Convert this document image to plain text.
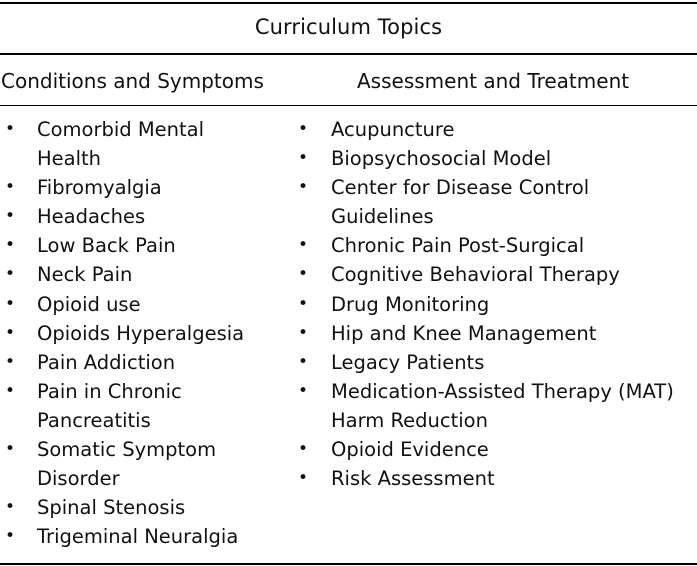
Curriculum Topics
Conditions and Symptoms	Assessment and Treatment
• Comorbid Mental
Health
• Fibromyalgia
• Headaches
• Low Back Pain
• Neck Pain
• Opioid use
• Opioids Hyperalgesia
• Pain Addiction
• Pain in Chronic
Pancreatitis
• Somatic Symptom
Disorder
• Spinal Stenosis
• Trigeminal Neuralgia
• Acupuncture
• Biopsychosocial Model
• Center for Disease Control
Guidelines
• Chronic Pain Post-Surgical
• Cognitive Behavioral Therapy
• Drug Monitoring
• Hip and Knee Management
• Legacy Patients
• Medication-Assisted Therapy (MAT)
Harm Reduction
• Opioid Evidence
• Risk Assessment
